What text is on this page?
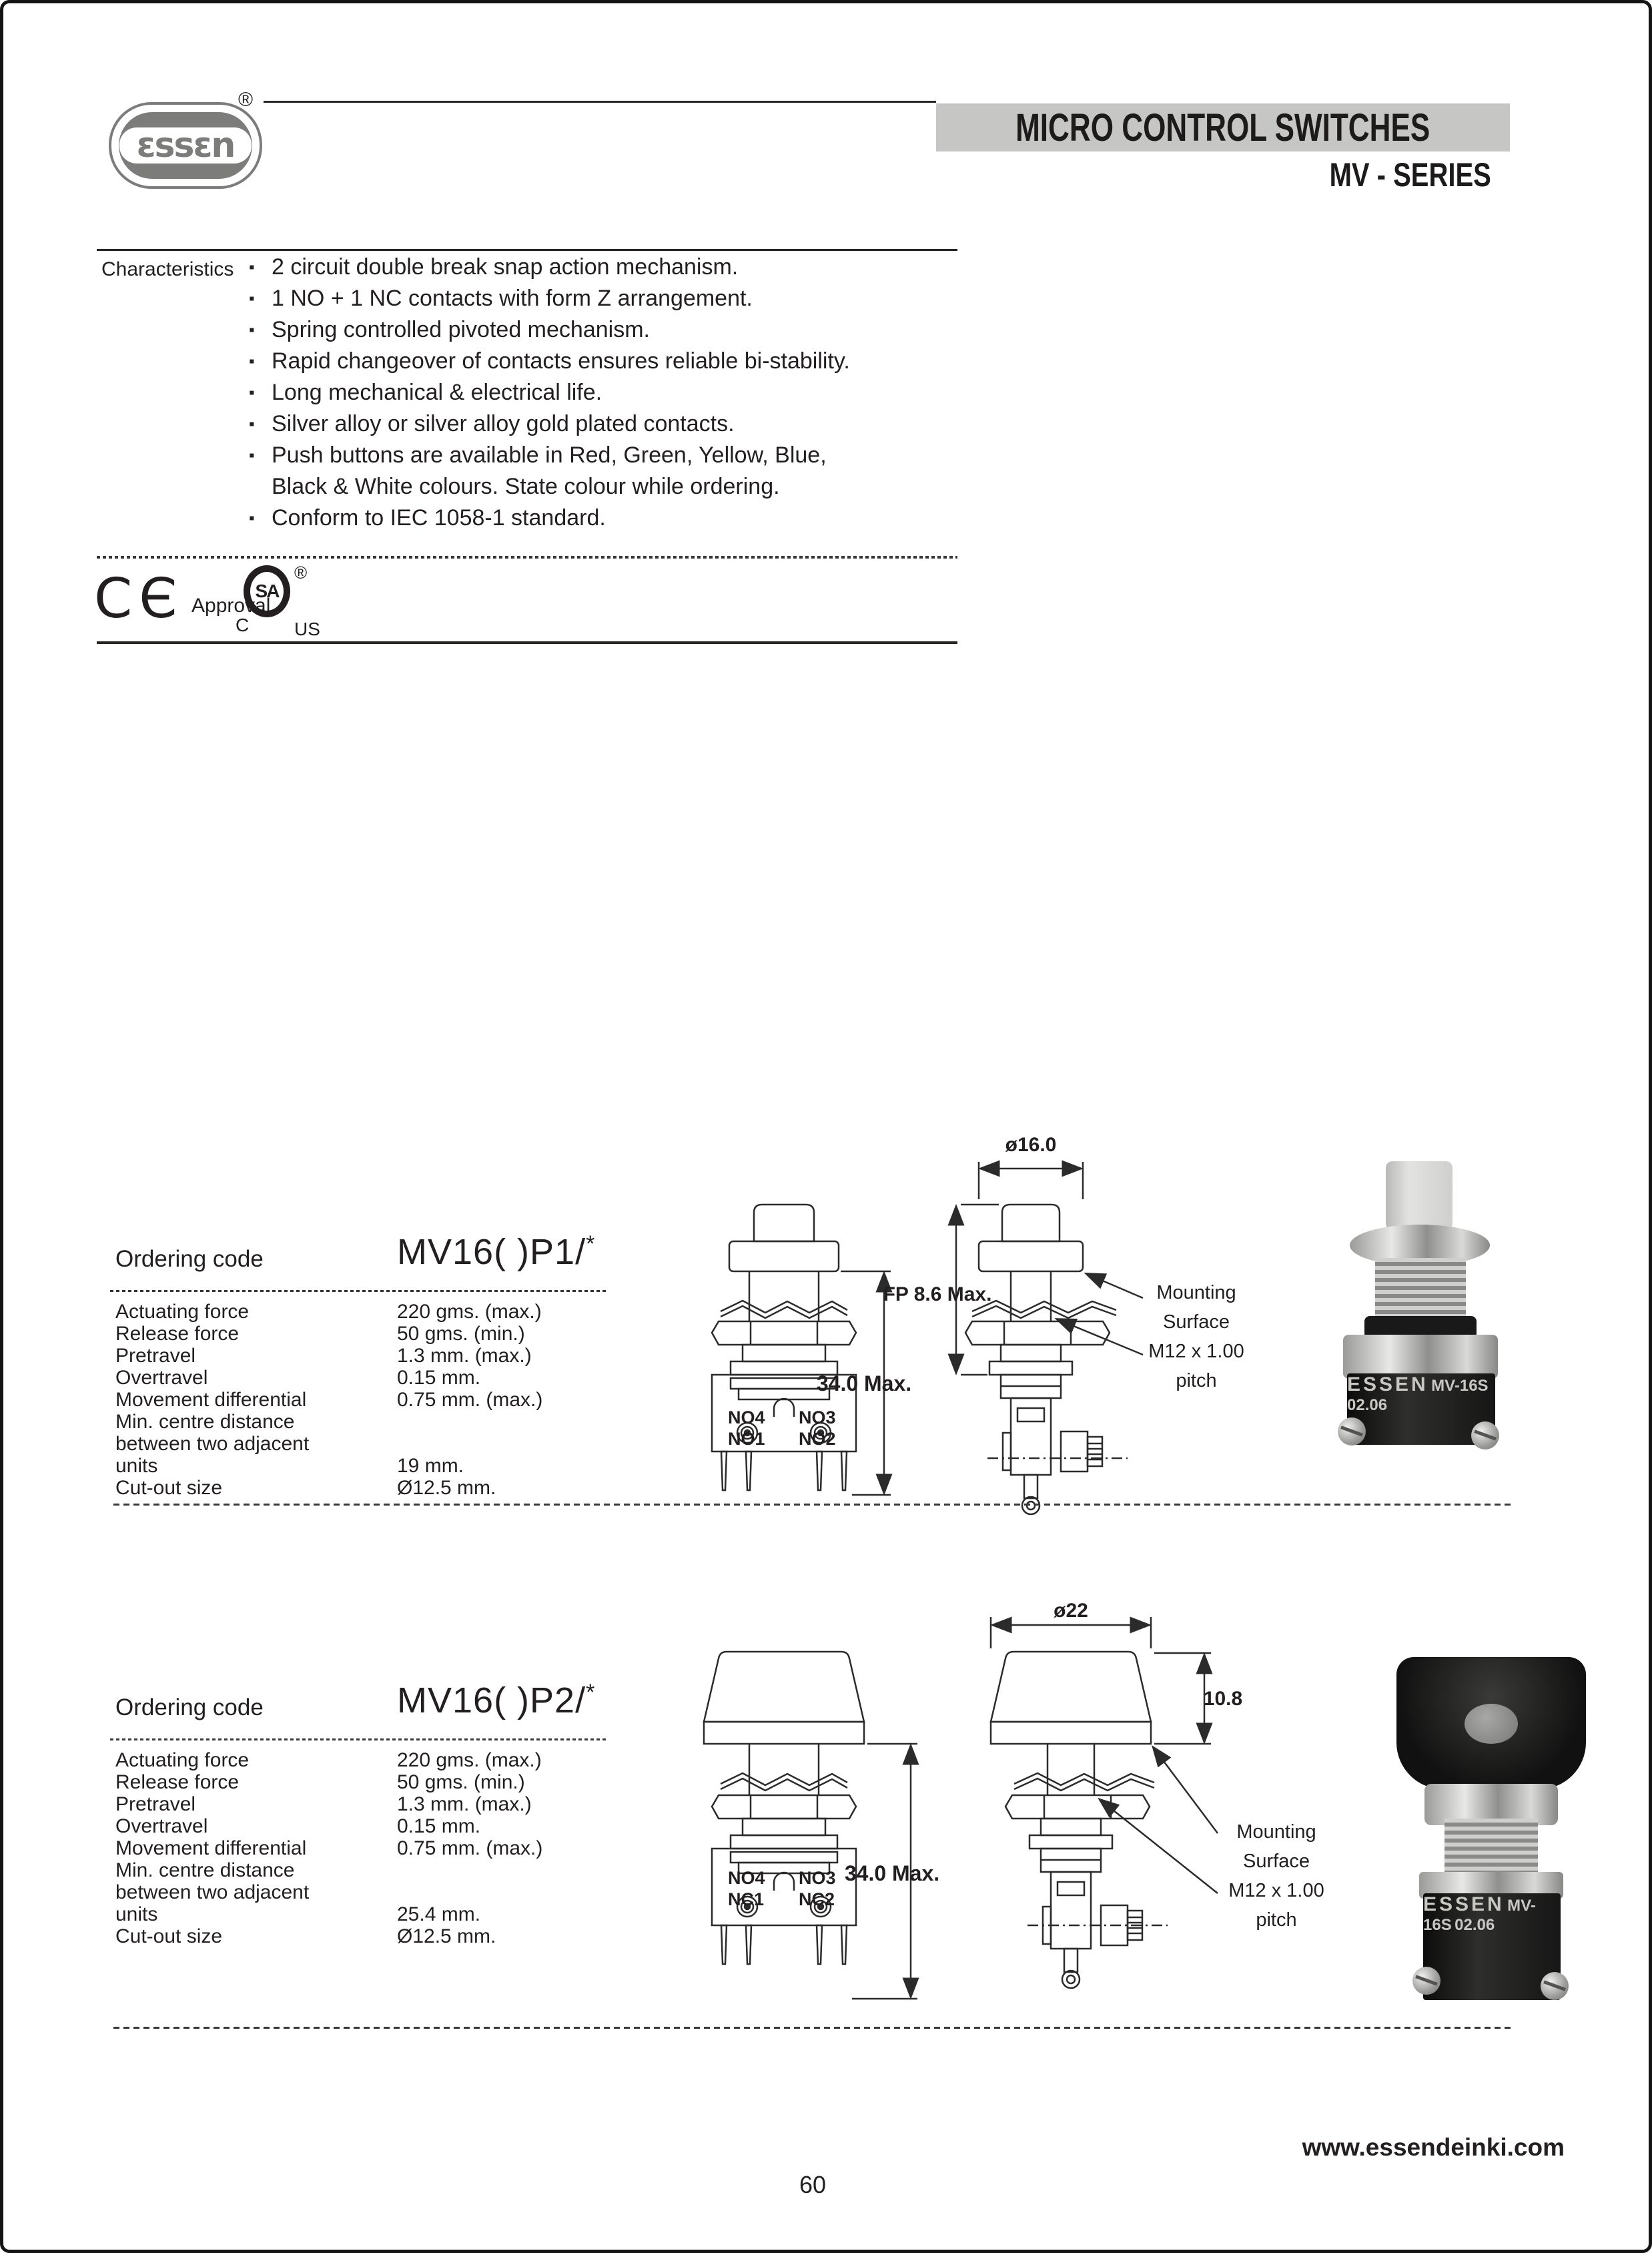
ɛssɛn
®
MICRO CONTROL SWITCHES
MV - SERIES
Characteristics ▪ 2 circuit double break snap action mechanism.
▪ 1 NO + 1 NC contacts with form Z arrangement.
▪ Spring controlled pivoted mechanism.
▪ Rapid changeover of contacts ensures reliable bi-stability.
▪ Long mechanical & electrical life.
▪ Silver alloy or silver alloy gold plated contacts.
▪ Push buttons are available in Red, Green, Yellow, Blue,
Black & White colours. State colour while ordering.
▪ Conform to IEC 1058-1 standard.
CЄ Approval
SA
®
C US
Ordering code	MV16( )P1/*
Actuating force	220 gms. (max.)
Release force	50 gms. (min.)
Pretravel	1.3 mm. (max.)
Overtravel	0.15 mm.
Movement differential	0.75 mm. (max.)
Min. centre distance
between two adjacent
units	19 mm.
Cut-out size	Ø12.5 mm.
ø16.0
FP 8.6 Max.
34.0 Max.
NO4 NO3
NO1 NO2
Mounting
Surface
M12 x 1.00
pitch	ESSEN MV-16S 02.06
Ordering code	MV16( )P2/*
Actuating force	220 gms. (max.)
Release force	50 gms. (min.)
Pretravel	1.3 mm. (max.)
Overtravel	0.15 mm.
Movement differential	0.75 mm. (max.)
Min. centre distance
between two adjacent
units	25.4 mm.
Cut-out size	Ø12.5 mm.
ø22
10.8
34.0 Max.
NO4 NO3
NC1 NC2
Mounting
Surface
M12 x 1.00
pitch
ESSEN MV-16S 02.06
www.essendeinki.com
60
